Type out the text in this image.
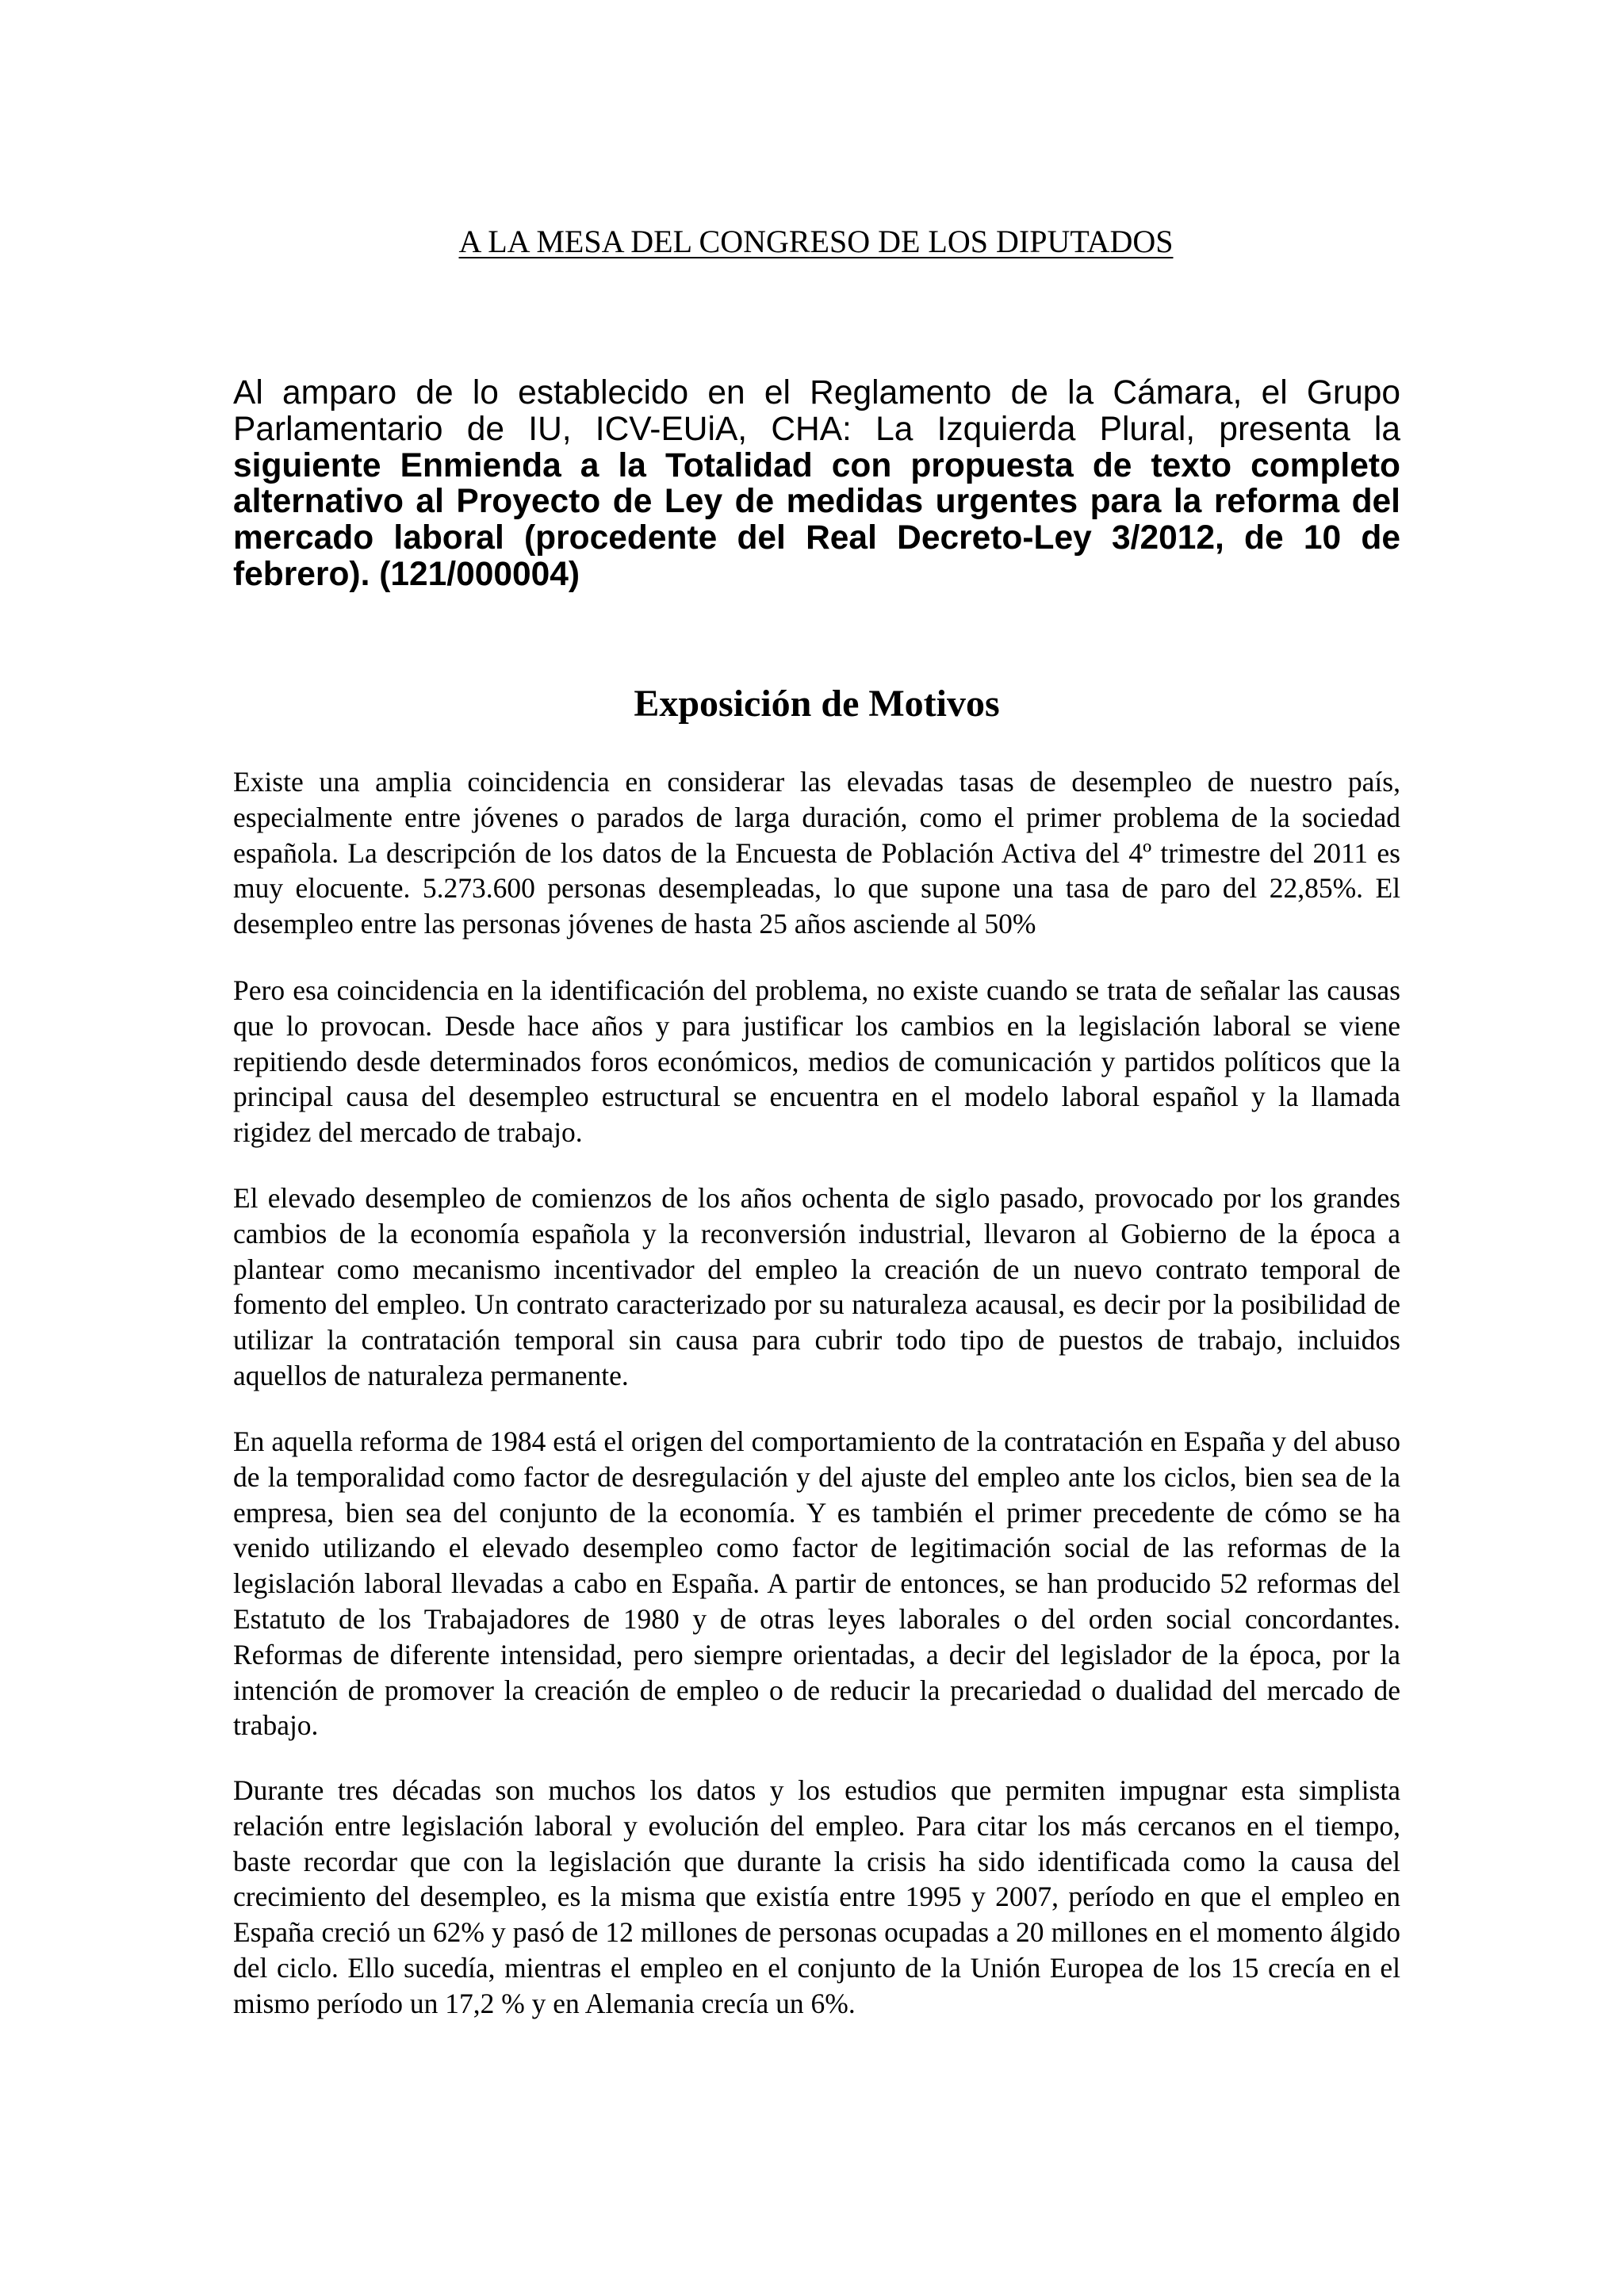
A LA MESA DEL CONGRESO DE LOS DIPUTADOS

Al amparo de lo establecido en el Reglamento de la Cámara, el Grupo Parlamentario de IU, ICV-EUiA, CHA: La Izquierda Plural, presenta la siguiente Enmienda a la Totalidad con propuesta de texto completo alternativo al Proyecto de Ley de medidas urgentes para la reforma del mercado laboral (procedente del Real Decreto-Ley 3/2012, de 10 de febrero). (121/000004)

Exposición de Motivos

Existe una amplia coincidencia en considerar las elevadas tasas de desempleo de nuestro país, especialmente entre jóvenes o parados de larga duración, como el primer problema de la sociedad española. La descripción de los datos de la Encuesta de Población Activa del 4º trimestre del 2011 es muy elocuente. 5.273.600 personas desempleadas, lo que supone una tasa de paro del 22,85%. El desempleo entre las personas jóvenes de hasta 25 años asciende al 50%

Pero esa coincidencia en la identificación del problema, no existe cuando se trata de señalar las causas que lo provocan. Desde hace años y para justificar los cambios en la legislación laboral se viene repitiendo desde determinados foros económicos, medios de comunicación y partidos políticos que la principal causa del desempleo estructural se encuentra en el modelo laboral español y la llamada rigidez del mercado de trabajo.

El elevado desempleo de comienzos de los años ochenta de siglo pasado, provocado por los grandes cambios de la economía española y la reconversión industrial, llevaron al Gobierno de la época a plantear como mecanismo incentivador del empleo la creación de un nuevo contrato temporal de fomento del empleo. Un contrato caracterizado por su naturaleza acausal, es decir por la posibilidad de utilizar la contratación temporal sin causa para cubrir todo tipo de puestos de trabajo, incluidos aquellos de naturaleza permanente.

En aquella reforma de 1984 está el origen del comportamiento de la contratación en España y del abuso de la temporalidad como factor de desregulación y del ajuste del empleo ante los ciclos, bien sea de la empresa, bien sea del conjunto de la economía. Y es también el primer precedente de cómo se ha venido utilizando el elevado desempleo como factor de legitimación social de las reformas de la legislación laboral llevadas a cabo en España. A partir de entonces, se han producido 52 reformas del Estatuto de los Trabajadores de 1980 y de otras leyes laborales o del orden social concordantes. Reformas de diferente intensidad, pero siempre orientadas, a decir del legislador de la época, por la intención de promover la creación de empleo o de reducir la precariedad o dualidad del mercado de trabajo.

Durante tres décadas son muchos los datos y los estudios que permiten impugnar esta simplista relación entre legislación laboral y evolución del empleo. Para citar los más cercanos en el tiempo, baste recordar que con la legislación que durante la crisis ha sido identificada como la causa del crecimiento del desempleo, es la misma que existía entre 1995 y 2007, período en que el empleo en España creció un 62% y pasó de 12 millones de personas ocupadas a 20 millones en el momento álgido del ciclo. Ello sucedía, mientras el empleo en el conjunto de la Unión Europea de los 15 crecía en el mismo período un 17,2 % y en Alemania crecía un 6%.
